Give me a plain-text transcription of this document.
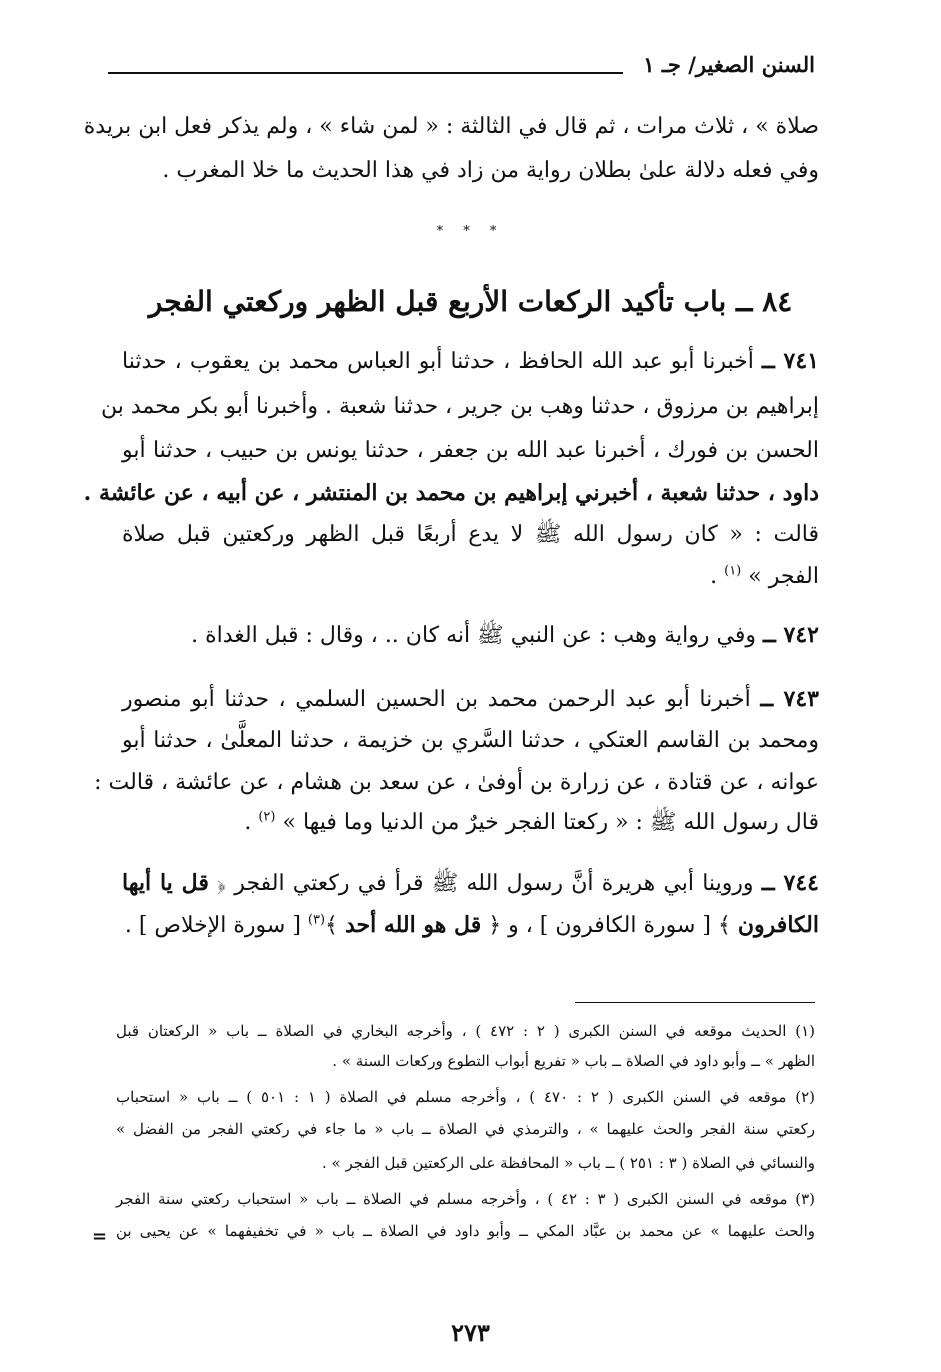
السنن الصغير/ جـ ١
صلاة » ، ثلاث مرات ، ثم قال في الثالثة : « لمن شاء » ، ولم يذكر فعل ابن بريدة
وفي فعله دلالة علىٰ بطلان رواية من زاد في هذا الحديث ما خلا المغرب .
* * *
٨٤ ــ باب تأكيد الركعات الأربع قبل الظهر وركعتي الفجر
٧٤١ ــ أخبرنا أبو عبد الله الحافظ ، حدثنا أبو العباس محمد بن يعقوب ، حدثنا
إبراهيم بن مرزوق ، حدثنا وهب بن جرير ، حدثنا شعبة . وأخبرنا أبو بكر محمد بن
الحسن بن فورك ، أخبرنا عبد الله بن جعفر ، حدثنا يونس بن حبيب ، حدثنا أبو
داود ، حدثنا شعبة ، أخبرني إبراهيم بن محمد بن المنتشر ، عن أبيه ، عن عائشة .
قالت : « كان رسول الله ﷺ لا يدع أربعًا قبل الظهر وركعتين قبل صلاة
الفجر » $^{(١)}$ .
٧٤٢ ــ وفي رواية وهب : عن النبي ﷺ أنه كان .. ، وقال : قبل الغداة .
٧٤٣ ــ أخبرنا أبو عبد الرحمن محمد بن الحسين السلمي ، حدثنا أبو منصور
ومحمد بن القاسم العتكي ، حدثنا السَّري بن خزيمة ، حدثنا المعلَّىٰ ، حدثنا أبو
عوانه ، عن قتادة ، عن زرارة بن أوفىٰ ، عن سعد بن هشام ، عن عائشة ، قالت :
قال رسول الله ﷺ : « ركعتا الفجر خيرٌ من الدنيا وما فيها » $^{(٢)}$ .
٧٤٤ ــ وروينا أبي هريرة أنَّ رسول الله ﷺ قرأ في ركعتي الفجر ﴿ قل يا أيها
الكافرون ﴾ [ سورة الكافرون ] ، و ﴿ قل هو الله أحد ﴾$^{(٣)}$ [ سورة الإخلاص ] .
(١) الحديث موقعه في السنن الكبرى ( ٢ : ٤٧٢ ) ، وأخرجه البخاري في الصلاة ــ باب « الركعتان قبل
الظهر » ــ وأبو داود في الصلاة ــ باب « تفريع أبواب التطوع وركعات السنة » .
(٢) موقعه في السنن الكبرى ( ٢ : ٤٧٠ ) ، وأخرجه مسلم في الصلاة ( ١ : ٥٠١ ) ــ باب « استحباب
ركعتي سنة الفجر والحث عليهما » ، والترمذي في الصلاة ــ باب « ما جاء في ركعتي الفجر من الفضل »
والنسائي في الصلاة ( ٣ : ٢٥١ ) ــ باب « المحافظة على الركعتين قبل الفجر » .
(٣) موقعه في السنن الكبرى ( ٣ : ٤٢ ) ، وأخرجه مسلم في الصلاة ــ باب « استحباب ركعتي سنة الفجر
والحث عليهما » عن محمد بن عبَّاد المكي ــ وأبو داود في الصلاة ــ باب « في تخفيفهما » عن يحيى بن
=
٢٧٣
